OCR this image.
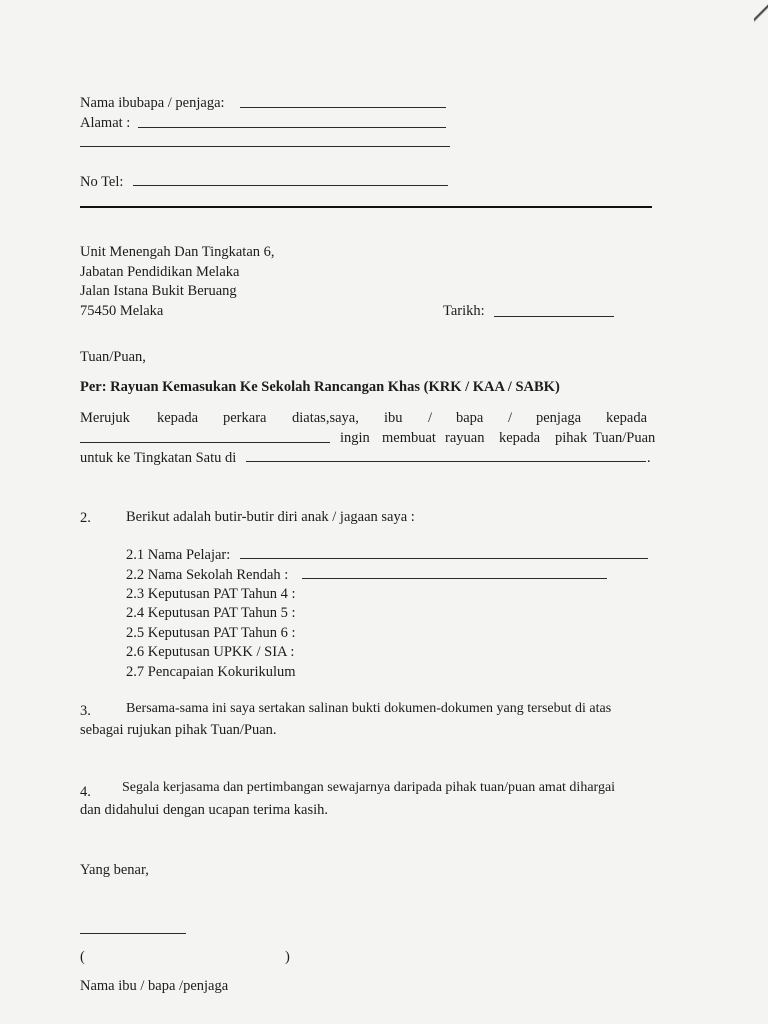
Nama ibubapa / penjaga:
Alamat :
No Tel:
Unit Menengah Dan Tingkatan 6,
Jabatan Pendidikan Melaka
Jalan Istana Bukit Beruang
75450 Melaka	Tarikh:
Tuan/Puan,
Per: Rayuan Kemasukan Ke Sekolah Rancangan Khas (KRK / KAA / SABK)
Merujuk kepada perkara diatas,saya, ibu / bapa / penjaga kepada
ingin membuat rayuan kepada pihak Tuan/Puan
untuk ke Tingkatan Satu di	.
2. Berikut adalah butir-butir diri anak / jagaan saya :
2.1 Nama Pelajar:
2.2 Nama Sekolah Rendah :
2.3 Keputusan PAT Tahun 4 :
2.4 Keputusan PAT Tahun 5 :
2.5 Keputusan PAT Tahun 6 :
2.6 Keputusan UPKK / SIA :
2.7 Pencapaian Kokurikulum
3.	Bersama-sama ini saya sertakan salinan bukti dokumen-dokumen yang tersebut di atas
sebagai rujukan pihak Tuan/Puan.
4. Segala kerjasama dan pertimbangan sewajarnya daripada pihak tuan/puan amat dihargai
dan didahului dengan ucapan terima kasih.
Yang benar,
(	)
Nama ibu / bapa /penjaga
